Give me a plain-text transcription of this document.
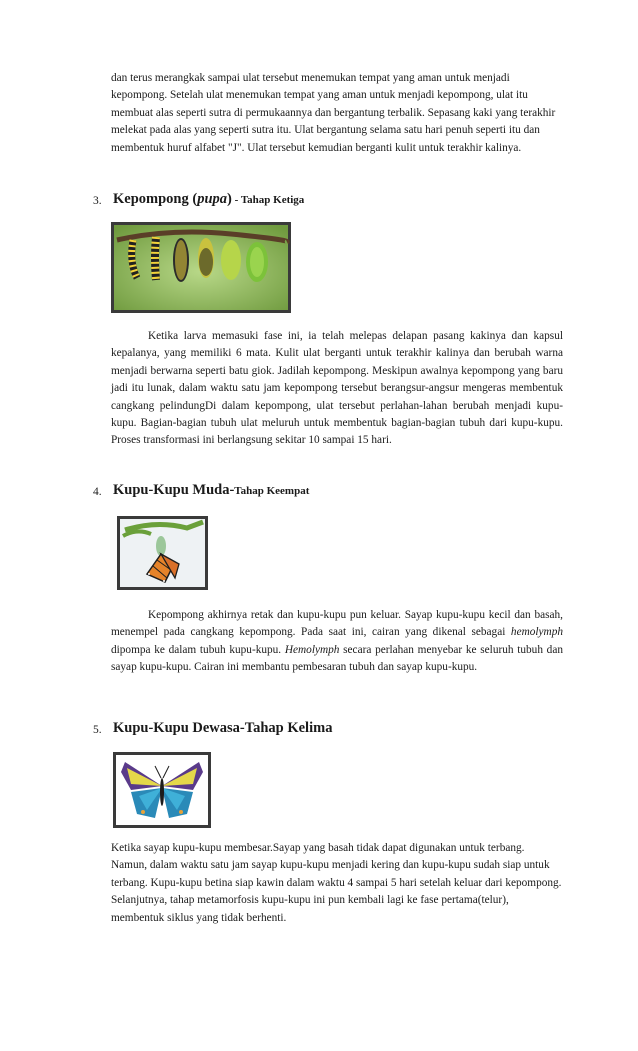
dan terus merangkak sampai ulat tersebut menemukan tempat yang aman untuk menjadi kepompong. Setelah ulat menemukan tempat yang aman untuk menjadi kepompong, ulat itu membuat alas seperti sutra di permukaannya dan bergantung terbalik. Sepasang kaki yang terakhir melekat pada alas yang seperti sutra itu. Ulat bergantung selama satu hari penuh seperti itu dan membentuk huruf alfabet "J". Ulat tersebut kemudian berganti kulit untuk terakhir kalinya.
3. Kepompong (pupa) - Tahap Ketiga

Ketika larva memasuki fase ini, ia telah melepas delapan pasang kakinya dan kapsul kepalanya, yang memiliki 6 mata. Kulit ulat berganti untuk terakhir kalinya dan berubah warna menjadi berwarna seperti batu giok. Jadilah kepompong. Meskipun awalnya kepompong yang baru jadi itu lunak, dalam waktu satu jam kepompong tersebut berangsur-angsur mengeras membentuk cangkang pelindungDi dalam kepompong, ulat tersebut perlahan-lahan berubah menjadi kupu-kupu. Bagian-bagian tubuh ulat meluruh untuk membentuk bagian-bagian tubuh dari kupu-kupu. Proses transformasi ini berlangsung sekitar 10 sampai 15 hari.

4. Kupu-Kupu Muda-Tahap Keempat

Kepompong akhirnya retak dan kupu-kupu pun keluar. Sayap kupu-kupu kecil dan basah, menempel pada cangkang kepompong. Pada saat ini, cairan yang dikenal sebagai hemolymph dipompa ke dalam tubuh kupu-kupu. Hemolymph secara perlahan menyebar ke seluruh tubuh dan sayap kupu-kupu. Cairan ini membantu pembesaran tubuh dan sayap kupu-kupu.

5. Kupu-Kupu Dewasa-Tahap Kelima
Ketika sayap kupu-kupu membesar.Sayap yang basah tidak dapat digunakan untuk terbang. Namun, dalam waktu satu jam sayap kupu-kupu menjadi kering dan kupu-kupu sudah siap untuk terbang. Kupu-kupu betina siap kawin dalam waktu 4 sampai 5 hari setelah keluar dari kepompong. Selanjutnya, tahap metamorfosis kupu-kupu ini pun kembali lagi ke fase pertama(telur), membentuk siklus yang tidak berhenti.
